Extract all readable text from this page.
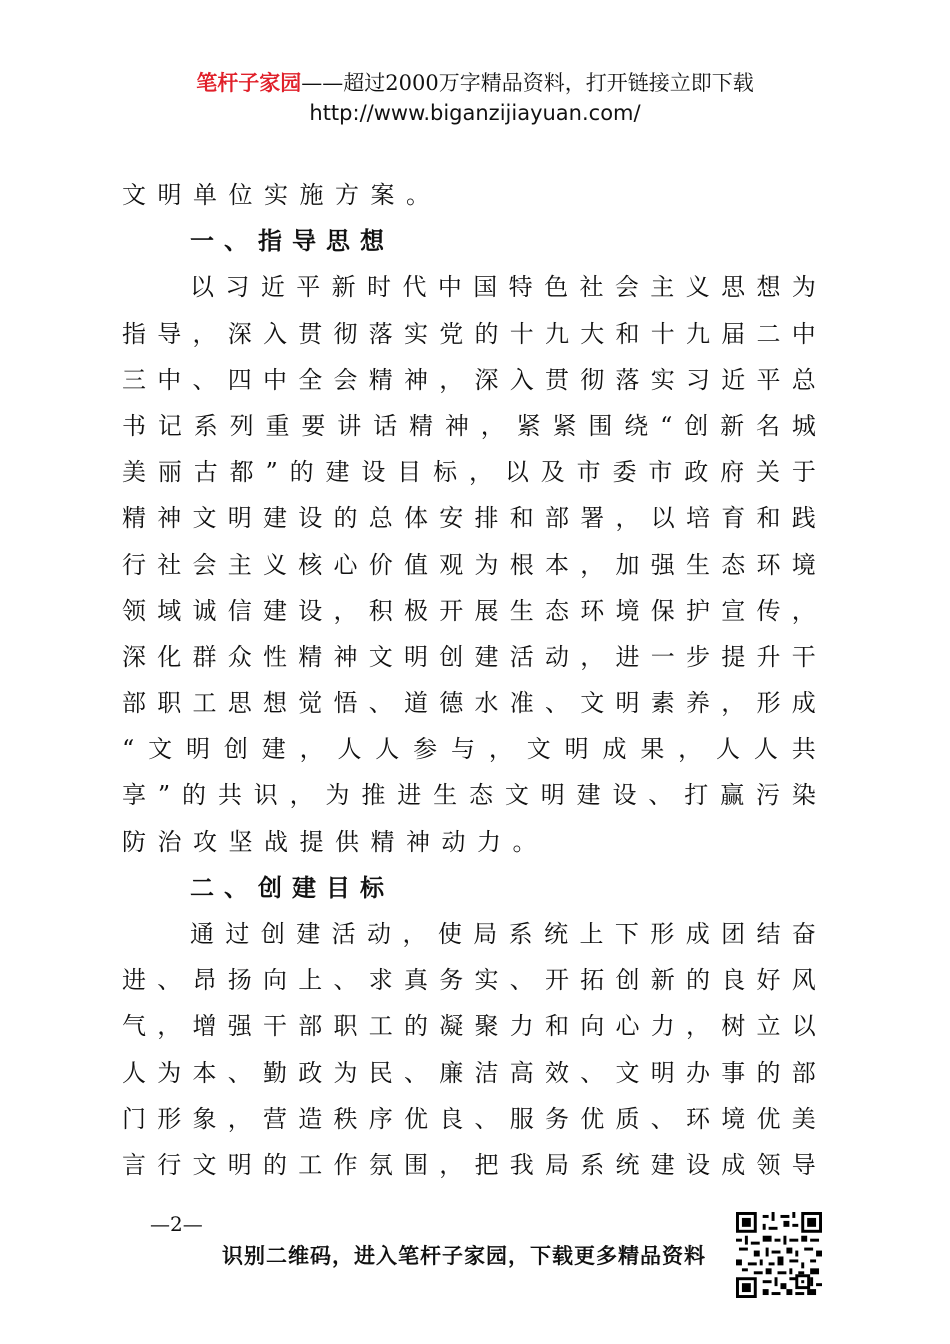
笔杆子家园——超过2000万字精品资料，打开链接立即下载
http://www.biganzijiayuan.com/
文 明 单 位 实 施 方 案 。
一 、 指 导 思 想
以 习 近 平 新 时 代 中 国 特 色 社 会 主 义 思 想 为
指 导 ， 深 入 贯 彻 落 实 党 的 十 九 大 和 十 九 届 二 中
三 中 、 四 中 全 会 精 神 ， 深 入 贯 彻 落 实 习 近 平 总
书 记 系 列 重 要 讲 话 精 神 ， 紧 紧 围 绕 “ 创 新 名 城
美 丽 古 都 ” 的 建 设 目 标 ， 以 及 市 委 市 政 府 关 于
精 神 文 明 建 设 的 总 体 安 排 和 部 署 ， 以 培 育 和 践
行 社 会 主 义 核 心 价 值 观 为 根 本 ， 加 强 生 态 环 境
领 域 诚 信 建 设 ， 积 极 开 展 生 态 环 境 保 护 宣 传 ，
深 化 群 众 性 精 神 文 明 创 建 活 动 ， 进 一 步 提 升 干
部 职 工 思 想 觉 悟 、 道 德 水 准 、 文 明 素 养 ， 形 成
“ 文 明 创 建 ， 人 人 参 与 ， 文 明 成 果 ， 人 人 共
享 ” 的 共 识 ， 为 推 进 生 态 文 明 建 设 、 打 赢 污 染
防 治 攻 坚 战 提 供 精 神 动 力 。
二 、 创 建 目 标
通 过 创 建 活 动 ， 使 局 系 统 上 下 形 成 团 结 奋
进 、 昂 扬 向 上 、 求 真 务 实 、 开 拓 创 新 的 良 好 风
气 ， 增 强 干 部 职 工 的 凝 聚 力 和 向 心 力 ， 树 立 以
人 为 本 、 勤 政 为 民 、 廉 洁 高 效 、 文 明 办 事 的 部
门 形 象 ， 营 造 秩 序 优 良 、 服 务 优 质 、 环 境 优 美
言 行 文 明 的 工 作 氛 围 ， 把 我 局 系 统 建 设 成 领 导
—2—
识别二维码，进入笔杆子家园，下载更多精品资料
